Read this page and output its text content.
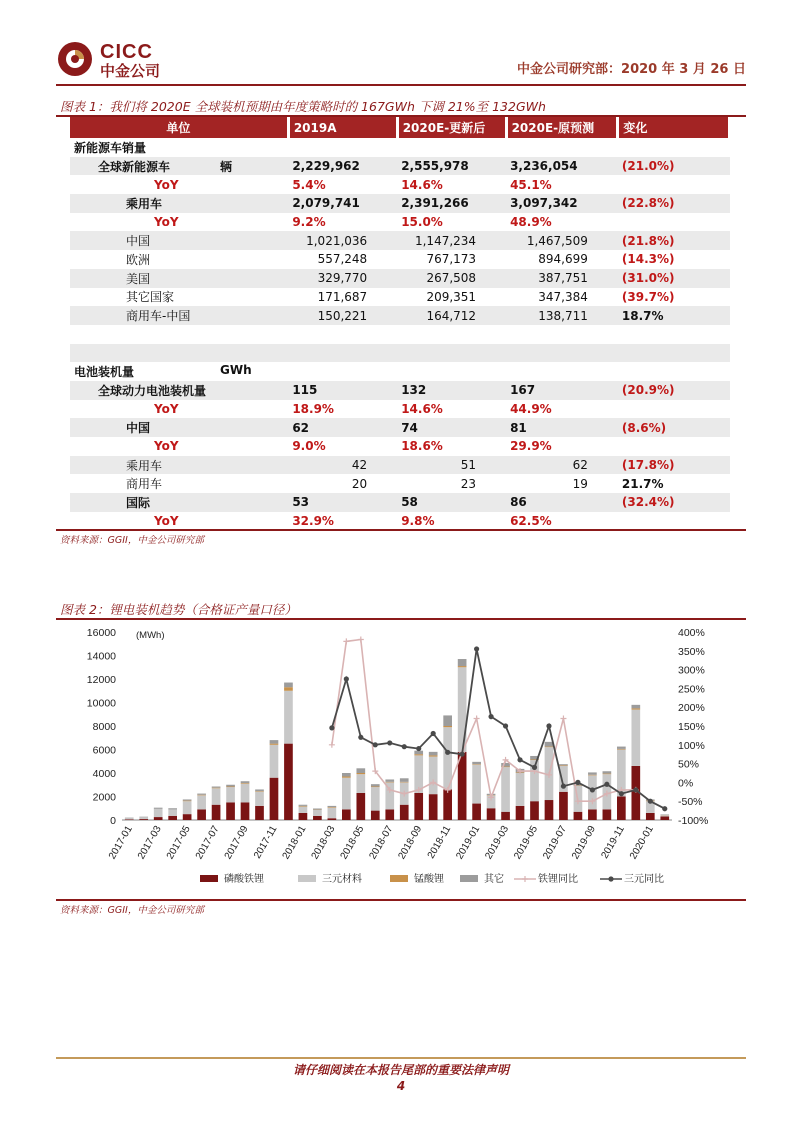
CICC
中金公司	中金公司研究部：2020 年 3 月 26 日
图表 1：我们将 2020E 全球装机预期由年度策略时的 167GWh 下调 21%至 132GWh
单位	2019A	2020E-更新后	2020E-原预测	变化
新能源车销量				
全球新能源车 辆	2,229,962	2,555,978	3,236,054	(21.0%)
YoY	5.4%	14.6%	45.1%	
乘用车	2,079,741	2,391,266	3,097,342	(22.8%)
YoY	9.2%	15.0%	48.9%	
中国	1,021,036	1,147,234	1,467,509	(21.8%)
欧洲	557,248	767,173	894,699	(14.3%)
美国	329,770	267,508	387,751	(31.0%)
其它国家	171,687	209,351	347,384	(39.7%)
商用车-中国	150,221	164,712	138,711	18.7%

电池装机量 GWh				

全球动力电池装机量	115	132	167	(20.9%)
YoY	18.9%	14.6%	44.9%	
中国	62	74	81	(8.6%)
YoY	9.0%	18.6%	29.9%	
乘用车	42	51	62	(17.8%)
商用车	20	23	19	21.7%
国际	53	58	86	(32.4%)
YoY	32.9%	9.8%	62.5%	
资料来源：GGII，中金公司研究部
图表 2：锂电装机趋势（合格证产量口径）
0
2000
4000
6000
8000
10000
12000
14000
16000
-100%
-50%
0%
50%
100%
150%
200%
250%
300%
350%
400%
(MWh)
2017-01 2017-03 2017-05 2017-07 2017-09 2017-11 2018-01 2018-03 2018-05 2018-07 2018-09 2018-11 2019-01 2019-03 2019-05 2019-07 2019-09 2019-11 2020-01
磷酸铁锂	三元材料	锰酸锂	其它	铁锂同比	三元同比
资料来源：GGII，中金公司研究部
请仔细阅读在本报告尾部的重要法律声明
4
